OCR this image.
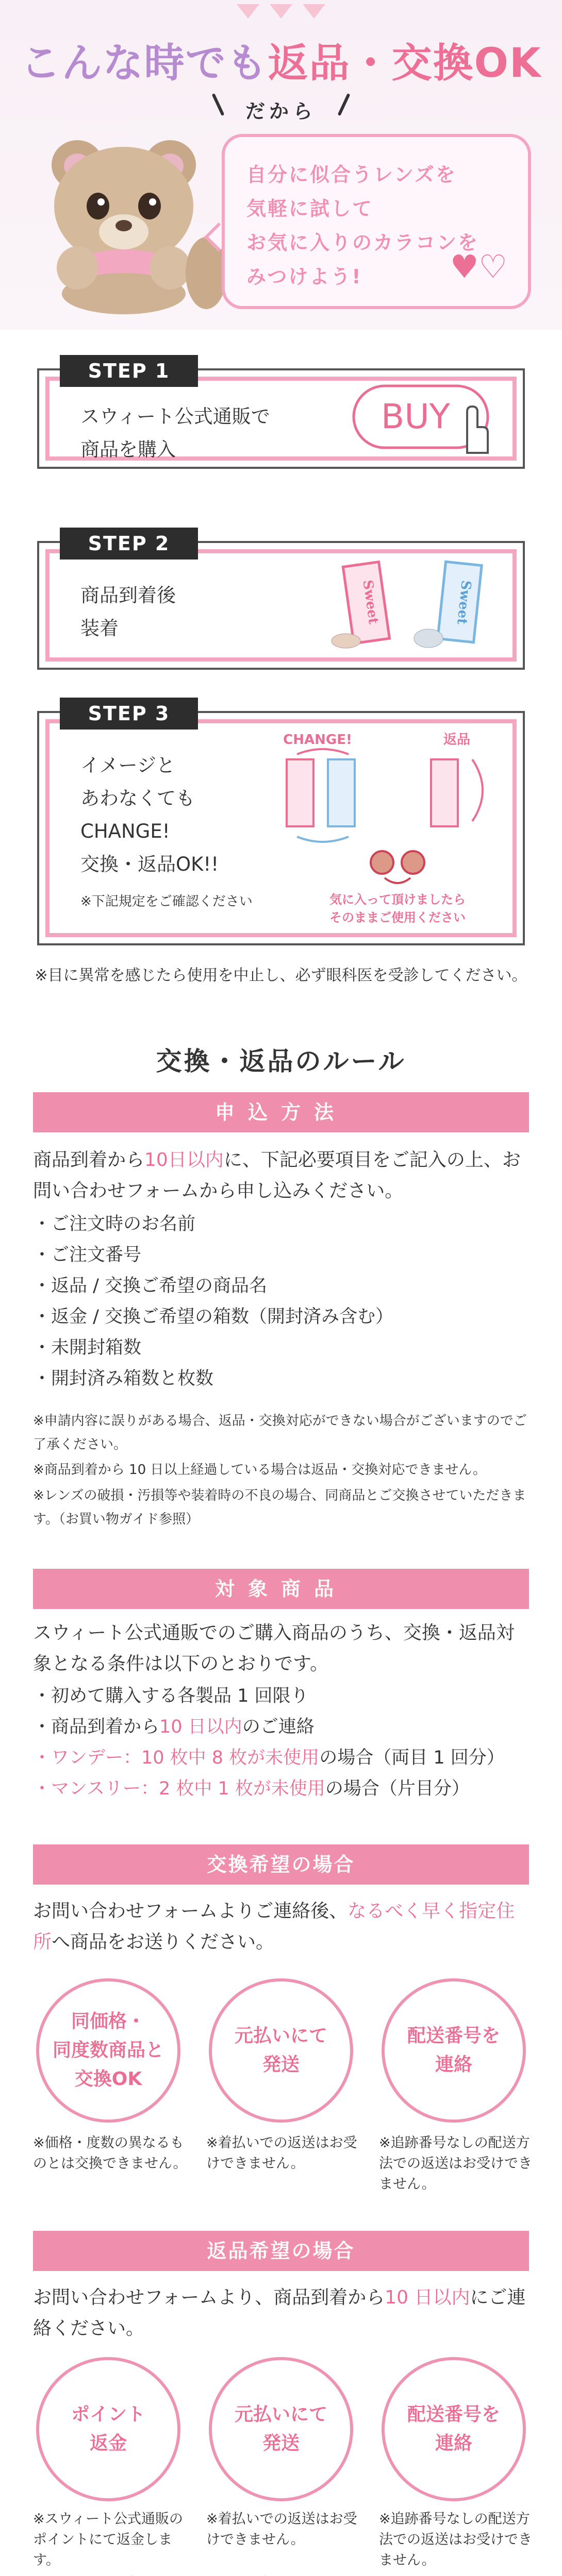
こんな時でも返品・交換OK
だから

自分に似合うレンズを

気軽に試して

お気に入りのカラコンを

みつけよう!	♥♡
STEP 1
スウィート公式通販で
商品を購入
BUY
STEP 2
商品到着後
装着
Sweet	Sweet
STEP 3
イメージと
あわなくても
CHANGE!
交換・返品OK!!
※下記規定をご確認ください
CHANGE!	返品
気に入って頂けましたら
そのままご使用ください
※目に異常を感じたら使用を中止し、必ず眼科医を受診してください。
交換・返品のルール
申込方法
商品到着から10日以内に、下記必要項目をご記入の上、お問い合わせフォームから申し込みください。
・ご注文時のお名前
・ご注文番号
・返品 / 交換ご希望の商品名
・返金 / 交換ご希望の箱数（開封済み含む）
・未開封箱数
・開封済み箱数と枚数
※申請内容に誤りがある場合、返品・交換対応ができない場合がございますのでご了承ください。
※商品到着から 10 日以上経過している場合は返品・交換対応できません。
※レンズの破損・汚損等や装着時の不良の場合、同商品とご交換させていただきます。（お買い物ガイド参照）
対象商品
スウィート公式通販でのご購入商品のうち、交換・返品対象となる条件は以下のとおりです。
・初めて購入する各製品 1 回限り
・商品到着から10 日以内のご連絡
・ワンデー：10 枚中 8 枚が未使用の場合（両目 1 回分）
・マンスリー：2 枚中 1 枚が未使用の場合（片目分）
交換希望の場合
お問い合わせフォームよりご連絡後、なるべく早く指定住所へ商品をお送りください。
同価格・
同度数商品と
交換OK
元払いにて
発送
配送番号を
連絡
※価格・度数の異なるものとは交換できません。
※着払いでの返送はお受けできません。
※追跡番号なしの配送方法での返送はお受けできません。
返品希望の場合
お問い合わせフォームより、商品到着から10 日以内にご連絡ください。
ポイント
返金
元払いにて
発送
配送番号を
連絡
※スウィート公式通販のポイントにて返金します。
※着払いでの返送はお受けできません。
※追跡番号なしの配送方法での返送はお受けできません。
